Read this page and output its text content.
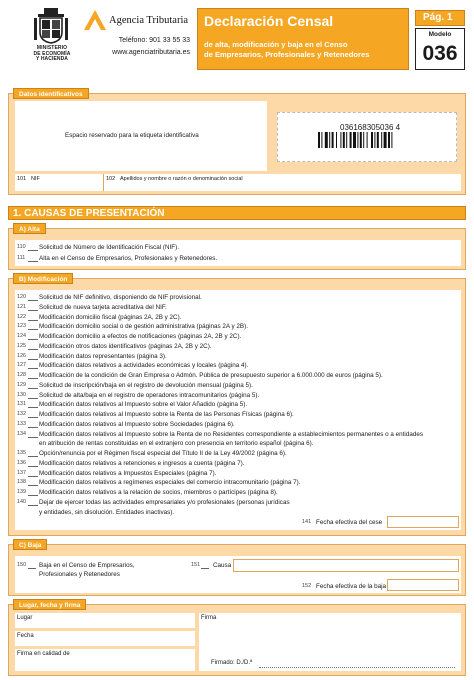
MINISTERIO
DE ECONOMÍA
Y HACIENDA
Agencia Tributaria
Teléfono: 901 33 55 33
www.agenciatributaria.es
Declaración Censal
de alta, modificación y baja en el Censo
de Empresarios, Profesionales y Retenedores
Pág. 1
Modelo
036
Datos identificativos
Espacio reservado para la etiqueta identificativa
036168305036 4
101 NIF	102 Apellidos y nombre o razón o denominación social
1. CAUSAS DE PRESENTACIÓN
A) Alta
110	Solicitud de Número de Identificación Fiscal (NIF).
111	Alta en el Censo de Empresarios, Profesionales y Retenedores.
B) Modificación
120	Solicitud de NIF definitivo, disponiendo de NIF provisional.
121	Solicitud de nueva tarjeta acreditativa del NIF.
122	Modificación domicilio fiscal (páginas 2A, 2B y 2C).
123	Modificación domicilio social o de gestión administrativa (páginas 2A y 2B).
124	Modificación domicilio a efectos de notificaciones (páginas 2A, 2B y 2C).
125	Modificación otros datos identificativos (páginas 2A, 2B y 2C).
126	Modificación datos representantes (página 3).
127	Modificación datos relativos a actividades económicas y locales (página 4).
128	Modificación de la condición de Gran Empresa o Admón. Pública de presupuesto superior a 6.000.000 de euros (página 5).
129	Solicitud de inscripción/baja en el registro de devolución mensual (página 5).
130	Solicitud de alta/baja en el registro de operadores intracomunitarios (página 5).
131	Modificación datos relativos al Impuesto sobre el Valor Añadido (página 5).
132	Modificación datos relativos al Impuesto sobre la Renta de las Personas Físicas (página 6).
133	Modificación datos relativos al Impuesto sobre Sociedades (página 6).
134	Modificación datos relativos al Impuesto sobre la Renta de no Residentes correspondiente a establecimientos permanentes o a entidades
en atribución de rentas constituidas en el extranjero con presencia en territorio español (página 6).
135	Opción/renuncia por el Régimen fiscal especial del Título II de la Ley 49/2002 (página 6).
136	Modificación datos relativos a retenciones e ingresos a cuenta (página 7).
137	Modificación datos relativos a Impuestos Especiales (página 7).
138	Modificación datos relativos a regímenes especiales del comercio intracomunitario (página 7).
139	Modificación datos relativos a la relación de socios, miembros o partícipes (página 8).
140	Dejar de ejercer todas las actividades empresariales y/o profesionales (personas jurídicas
y entidades, sin disolución. Entidades inactivas).
141 Fecha efectiva del cese
C) Baja
150 Baja en el Censo de Empresarios,
Profesionales y Retenedores
151 Causa
152 Fecha efectiva de la baja
Lugar, fecha y firma
Lugar
Fecha
Firma en calidad de
Firma
Firmado: D./D.ª
